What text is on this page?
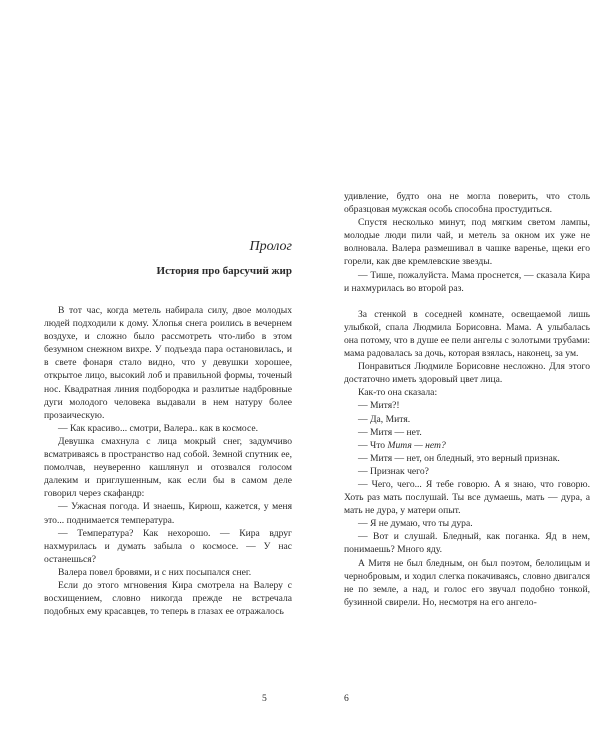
Пролог
История про барсучий жир

В тот час, когда метель набирала силу, двое молодых людей подходили к дому. Хлопья снега роились в вечернем воздухе, и сложно было рассмотреть что-либо в этом безумном снежном вихре. У подъезда пара остановилась, и в свете фонаря стало видно, что у девушки хорошее, открытое лицо, высокий лоб и правильной формы, точеный нос. Квадратная линия подбородка и разлитые надбровные дуги молодого человека выдавали в нем натуру более прозаическую.

— Как красиво... смотри, Валера.. как в космосе.

Девушка смахнула с лица мокрый снег, задумчиво всматриваясь в пространство над собой. Земной спутник ее, помолчав, неуверенно кашлянул и отозвался голосом далеким и приглушенным, как если бы в самом деле говорил через скафандр:

— Ужасная погода. И знаешь, Кирюш, кажется, у меня это... поднимается температура.

— Температура? Как нехорошо. — Кира вдруг нахмурилась и думать забыла о космосе. — У нас останешься?

Валера повел бровями, и с них посыпался снег.

Если до этого мгновения Кира смотрела на Валеру с восхищением, словно никогда прежде не встречала подобных ему красавцев, то теперь в глазах ее отражалось

5

удивление, будто она не могла поверить, что столь образцовая мужская особь способна простудиться.

Спустя несколько минут, под мягким светом лампы, молодые люди пили чай, и метель за окном их уже не волновала. Валера размешивал в чашке варенье, щеки его горели, как две кремлевские звезды.

— Тише, пожалуйста. Мама проснется, — сказала Кира и нахмурилась во второй раз.

За стенкой в соседней комнате, освещаемой лишь улыбкой, спала Людмила Борисовна. Мама. А улыбалась она потому, что в душе ее пели ангелы с золотыми трубами: мама радовалась за дочь, которая взялась, наконец, за ум.

Понравиться Людмиле Борисовне несложно. Для этого достаточно иметь здоровый цвет лица.

Как-то она сказала:

— Митя?!

— Да, Митя.

— Митя — нет.

— Что Митя — нет?

— Митя — нет, он бледный, это верный признак.

— Признак чего?

— Чего, чего... Я тебе говорю. А я знаю, что говорю. Хоть раз мать послушай. Ты все думаешь, мать — дура, а мать не дура, у матери опыт.

— Я не думаю, что ты дура.

— Вот и слушай. Бледный, как поганка. Яд в нем, понимаешь? Много яду.

А Митя не был бледным, он был поэтом, белолицым и чернобровым, и ходил слегка покачиваясь, словно двигался не по земле, а над, и голос его звучал подобно тонкой, бузинной свирели. Но, несмотря на его ангело-

6
